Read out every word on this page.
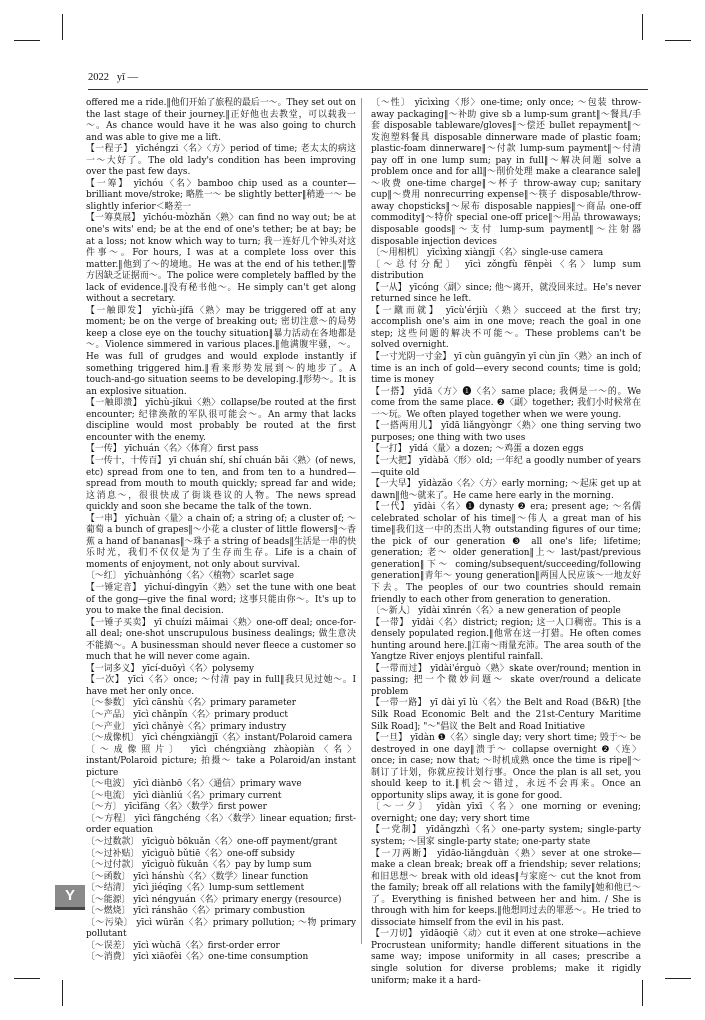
2022 yī —

offered me a ride.‖他们开始了旅程的最后一～。They set out on the last stage of their journey.‖正好他也去教堂，可以载我一～。As chance would have it he was also going to church and was able to give me a lift.

【一程子】 yīchéngzi〈名〉〈方〉period of time; 老太太的病这一～大好了。The old lady's condition has been improving over the past few days.

【一筹】 yīchóu〈名〉bamboo chip used as a counter—brilliant move/stroke; 略胜一～ be slightly better‖稍逊一～ be slightly inferior＜略差一

【一筹莫展】 yīchóu-mòzhǎn〈熟〉can find no way out; be at one's wits' end; be at the end of one's tether; be at bay; be at a loss; not know which way to turn; 我一连好几个钟头对这件事～。For hours, I was at a complete loss over this matter.‖他到了～的境地。He was at the end of his tether.‖警方因缺乏证据而～。The police were completely baffled by the lack of evidence.‖没有秘书他～。He simply can't get along without a secretary.

【一触即发】 yīchù-jífā〈熟〉may be triggered off at any moment; be on the verge of breaking out; 密切注意～的局势 keep a close eye on the touchy situation‖暴力活动在各地都是～。Violence simmered in various places.‖他满腹牢骚，～。He was full of grudges and would explode instantly if something triggered him.‖看来形势发展到～的地步了。A touch-and-go situation seems to be developing.‖形势～。It is an explosive situation.

【一触即溃】 yīchù-jíkuì〈熟〉collapse/be routed at the first encounter; 纪律涣散的军队很可能会～。An army that lacks discipline would most probably be routed at the first encounter with the enemy.

【一传】 yīchuán〈名〉〈体育〉first pass

【一传十，十传百】 yī chuán shí, shí chuán bǎi〈熟〉(of news, etc) spread from one to ten, and from ten to a hundred—spread from mouth to mouth quickly; spread far and wide; 这消息～，很很快成了街谈巷议的人物。The news spread quickly and soon she became the talk of the town.

【一串】 yīchuàn〈量〉a chain of; a string of; a cluster of; ～葡萄 a bunch of grapes‖～小花 a cluster of little flowers‖～香蕉 a hand of bananas‖～珠子 a string of beads‖生活是一串的快乐时光，我们不仅仅是为了生存而生存。Life is a chain of moments of enjoyment, not only about survival.

〔～红〕 yīchuànhóng〈名〉〈植物〉scarlet sage

【一锤定音】 yīchuí-dìngyīn〈熟〉set the tune with one beat of the gong—give the final word; 这事只能由你～。It's up to you to make the final decision.

【一锤子买卖】 yī chuízi mǎimai〈熟〉one-off deal; once-for-all deal; one-shot unscrupulous business dealings; 做生意决不能搞～。A businessman should never fleece a customer so much that he will never come again.

【一词多义】 yīcí-duōyì〈名〉polysemy

【一次】 yīcì〈名〉once; ～付清 pay in full‖我只见过她～。I have met her only once.

〔～参数〕 yīcì cānshù〈名〉primary parameter

〔～产品〕 yīcì chǎnpǐn〈名〉primary product

〔～产业〕 yīcì chǎnyè〈名〉primary industry

〔～成像机〕 yīcì chéngxiàngjī〈名〉instant/Polaroid camera

〔～成像照片〕 yīcì chéngxiàng zhàopiàn〈名〉instant/Polaroid picture; 拍摄～ take a Polaroid/an instant picture

〔～电波〕 yīcì diànbō〈名〉〈通信〉primary wave

〔～电流〕 yīcì diànliú〈名〉primary current

〔～方〕 yīcìfāng〈名〉〈数学〉first power

〔～方程〕 yīcì fāngchéng〈名〉〈数学〉linear equation; first-order equation

〔～过数款〕 yīcìguò bōkuǎn〈名〉one-off payment/grant

〔～过补贴〕 yīcìguò bǔtiē〈名〉one-off subsidy

〔～过付款〕 yīcìguò fùkuǎn〈名〉pay by lump sum

〔～函数〕 yīcì hánshù〈名〉〈数学〉linear function

〔～结清〕 yīcì jiéqīng〈名〉lump-sum settlement

〔～能源〕 yīcì néngyuán〈名〉primary energy (resource)

〔～燃烧〕 yīcì ránshāo〈名〉primary combustion

〔～污染〕 yīcì wūrǎn〈名〉primary pollution; ～物 primary pollutant

〔～误差〕 yīcì wùchā〈名〉first-order error

〔～消费〕 yīcì xiāofèi〈名〉one-time consumption

〔～性〕 yīcìxìng〈形〉one-time; only once; ～包装 throw-away packaging‖～补助 give sb a lump-sum grant‖～餐具/手套 disposable tableware/gloves‖～偿还 bullet repayment‖～发泡塑料餐具 disposable dinnerware made of plastic foam; plastic-foam dinnerware‖～付款 lump-sum payment‖～付清 pay off in one lump sum; pay in full‖～解决问题 solve a problem once and for all‖～削价处理 make a clearance sale‖～收费 one-time charge‖～杯子 throw-away cup; sanitary cup‖～费用 nonrecurring expense‖～筷子 disposable/throw-away chopsticks‖～尿布 disposable nappies‖～商品 one-off commodity‖～特价 special one-off price‖～用品 throwaways; disposable goods‖～支付 lump-sum payment‖～注射器 disposable injection devices

〔～用相机〕 yīcìxìng xiàngjī〈名〉single-use camera

〔～总付分配〕 yīcì zǒngfù fēnpèi〈名〉lump sum distribution

【一从】 yīcóng〈副〉since; 他～离开，就没回来过。He's never returned since he left.

【一蹴而就】 yīcù'érjiù〈熟〉succeed at the first try; accomplish one's aim in one move; reach the goal in one step; 这些问题的解决不可能～。These problems can't be solved overnight.

【一寸光阴一寸金】 yī cùn guāngyīn yī cùn jīn〈熟〉an inch of time is an inch of gold—every second counts; time is gold; time is money

【一搭】 yīdā〈方〉❶〈名〉same place; 我俩是一～的。We come from the same place. ❷〈副〉together; 我们小时候常在一～玩。We often played together when we were young.

【一搭两用儿】 yīdā liǎngyòngr〈熟〉one thing serving two purposes; one thing with two uses

【一打】 yīdá〈量〉a dozen; ～鸡蛋 a dozen eggs

【一大把】 yīdàbǎ〈形〉old; 一年纪 a goodly number of years—quite old

【一大早】 yīdàzǎo〈名〉〈方〉early morning; ～起床 get up at dawn‖他～就来了。He came here early in the morning.

【一代】 yīdài〈名〉❶ dynasty ❷ era; present age; ～名儒 celebrated scholar of his time‖～伟人 a great man of his time‖我们这一中的杰出人物 outstanding figures of our time; the pick of our generation ❸ all one's life; lifetime; generation; 老～ older generation‖上～ last/past/previous generation‖下～ coming/subsequent/succeeding/following generation‖青年～ young generation‖两国人民应该～一地友好下去。The peoples of our two countries should remain friendly to each other from generation to generation.

〔～新人〕 yīdài xīnrén〈名〉a new generation of people

【一带】 yīdài〈名〉district; region; 这一人口稠密。This is a densely populated region.‖他常在这一打猎。He often comes hunting around here.‖江南～雨量充沛。The area south of the Yangtze River enjoys plentiful rainfall.

【一带而过】 yīdài'érguò〈熟〉skate over/round; mention in passing; 把一个微妙问题～ skate over/round a delicate problem

【一带一路】 yī dài yī lù〈名〉the Belt and Road (B&R) [the Silk Road Economic Belt and the 21st-Century Maritime Silk Road]; "～"倡议 the Belt and Road Initiative

【一旦】 yīdàn ❶〈名〉single day; very short time; 毁于～ be destroyed in one day‖溃于～ collapse overnight ❷〈连〉once; in case; now that; ～时机成熟 once the time is ripe‖～制订了计划，你就应按计划行事。Once the plan is all set, you should keep to it.‖机会～错过，永远不会再来。Once an opportunity slips away, it is gone for good.

〔～一夕〕 yīdàn yīxī〈名〉one morning or evening; overnight; one day; very short time

【一党制】 yīdǎngzhì〈名〉one-party system; single-party system; ～国家 single-party state; one-party state

【一刀两断】 yīdāo-liǎngduàn〈熟〉sever at one stroke—make a clean break; break off a friendship; sever relations; 和旧思想～ break with old ideas‖与家庭～ cut the knot from the family; break off all relations with the family‖她和他已～了。Everything is finished between her and him. / She is through with him for keeps.‖他想同过去的罪恶～。He tried to dissociate himself from the evil in his past.

【一刀切】 yīdāoqiē〈动〉cut it even at one stroke—achieve Procrustean uniformity; handle different situations in the same way; impose uniformity in all cases; prescribe a single solution for diverse problems; make it rigidly uniform; make it a hard-

Y
